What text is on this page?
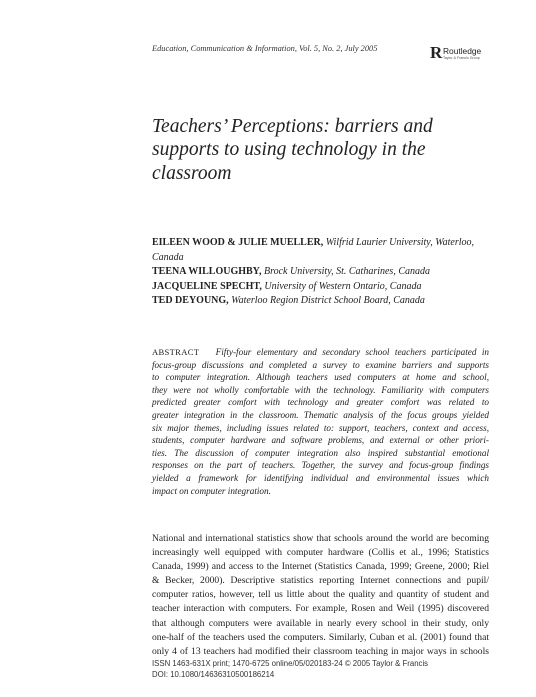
Education, Communication & Information, Vol. 5, No. 2, July 2005	R Routledge
Taylor & Francis Group
Teachers’ Perceptions: barriers and
supports to using technology in the
classroom
EILEEN WOOD & JULIE MUELLER, Wilfrid Laurier University, Waterloo,
Canada
TEENA WILLOUGHBY, Brock University, St. Catharines, Canada
JACQUELINE SPECHT, University of Western Ontario, Canada
TED DEYOUNG, Waterloo Region District School Board, Canada
ABSTRACT Fifty-four elementary and secondary school teachers participated in
focus-group discussions and completed a survey to examine barriers and supports
to computer integration. Although teachers used computers at home and school,
they were not wholly comfortable with the technology. Familiarity with computers
predicted greater comfort with technology and greater comfort was related to
greater integration in the classroom. Thematic analysis of the focus groups yielded
six major themes, including issues related to: support, teachers, context and access,
students, computer hardware and software problems, and external or other priori-
ties. The discussion of computer integration also inspired substantial emotional
responses on the part of teachers. Together, the survey and focus-group findings
yielded a framework for identifying individual and environmental issues which
impact on computer integration.
National and international statistics show that schools around the world are becoming
increasingly well equipped with computer hardware (Collis et al., 1996; Statistics
Canada, 1999) and access to the Internet (Statistics Canada, 1999; Greene, 2000; Riel
& Becker, 2000). Descriptive statistics reporting Internet connections and pupil/
computer ratios, however, tell us little about the quality and quantity of student and
teacher interaction with computers. For example, Rosen and Weil (1995) discovered
that although computers were available in nearly every school in their study, only
one-half of the teachers used the computers. Similarly, Cuban et al. (2001) found that
only 4 of 13 teachers had modified their classroom teaching in major ways in schools
ISSN 1463-631X print; 1470-6725 online/05/020183-24 © 2005 Taylor & Francis
DOI: 10.1080/14636310500186214
